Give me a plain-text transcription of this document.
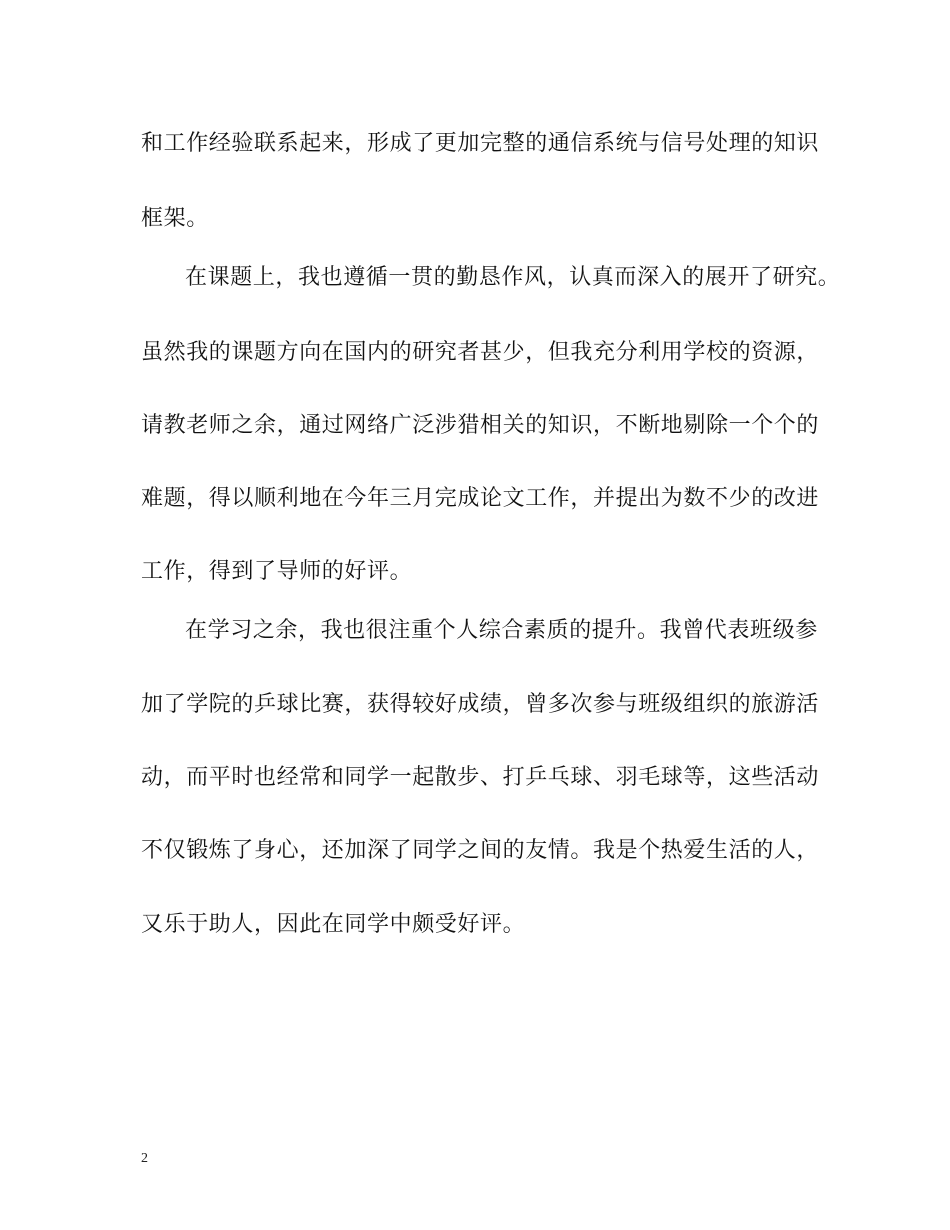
和工作经验联系起来，形成了更加完整的通信系统与信号处理的知识
框架。
在课题上，我也遵循一贯的勤恳作风，认真而深入的展开了研究。
虽然我的课题方向在国内的研究者甚少，但我充分利用学校的资源，
请教老师之余，通过网络广泛涉猎相关的知识，不断地剔除一个个的
难题，得以顺利地在今年三月完成论文工作，并提出为数不少的改进
工作，得到了导师的好评。
在学习之余，我也很注重个人综合素质的提升。我曾代表班级参
加了学院的乒球比赛，获得较好成绩，曾多次参与班级组织的旅游活
动，而平时也经常和同学一起散步、打乒乓球、羽毛球等，这些活动
不仅锻炼了身心，还加深了同学之间的友情。我是个热爱生活的人，
又乐于助人，因此在同学中颇受好评。
2
